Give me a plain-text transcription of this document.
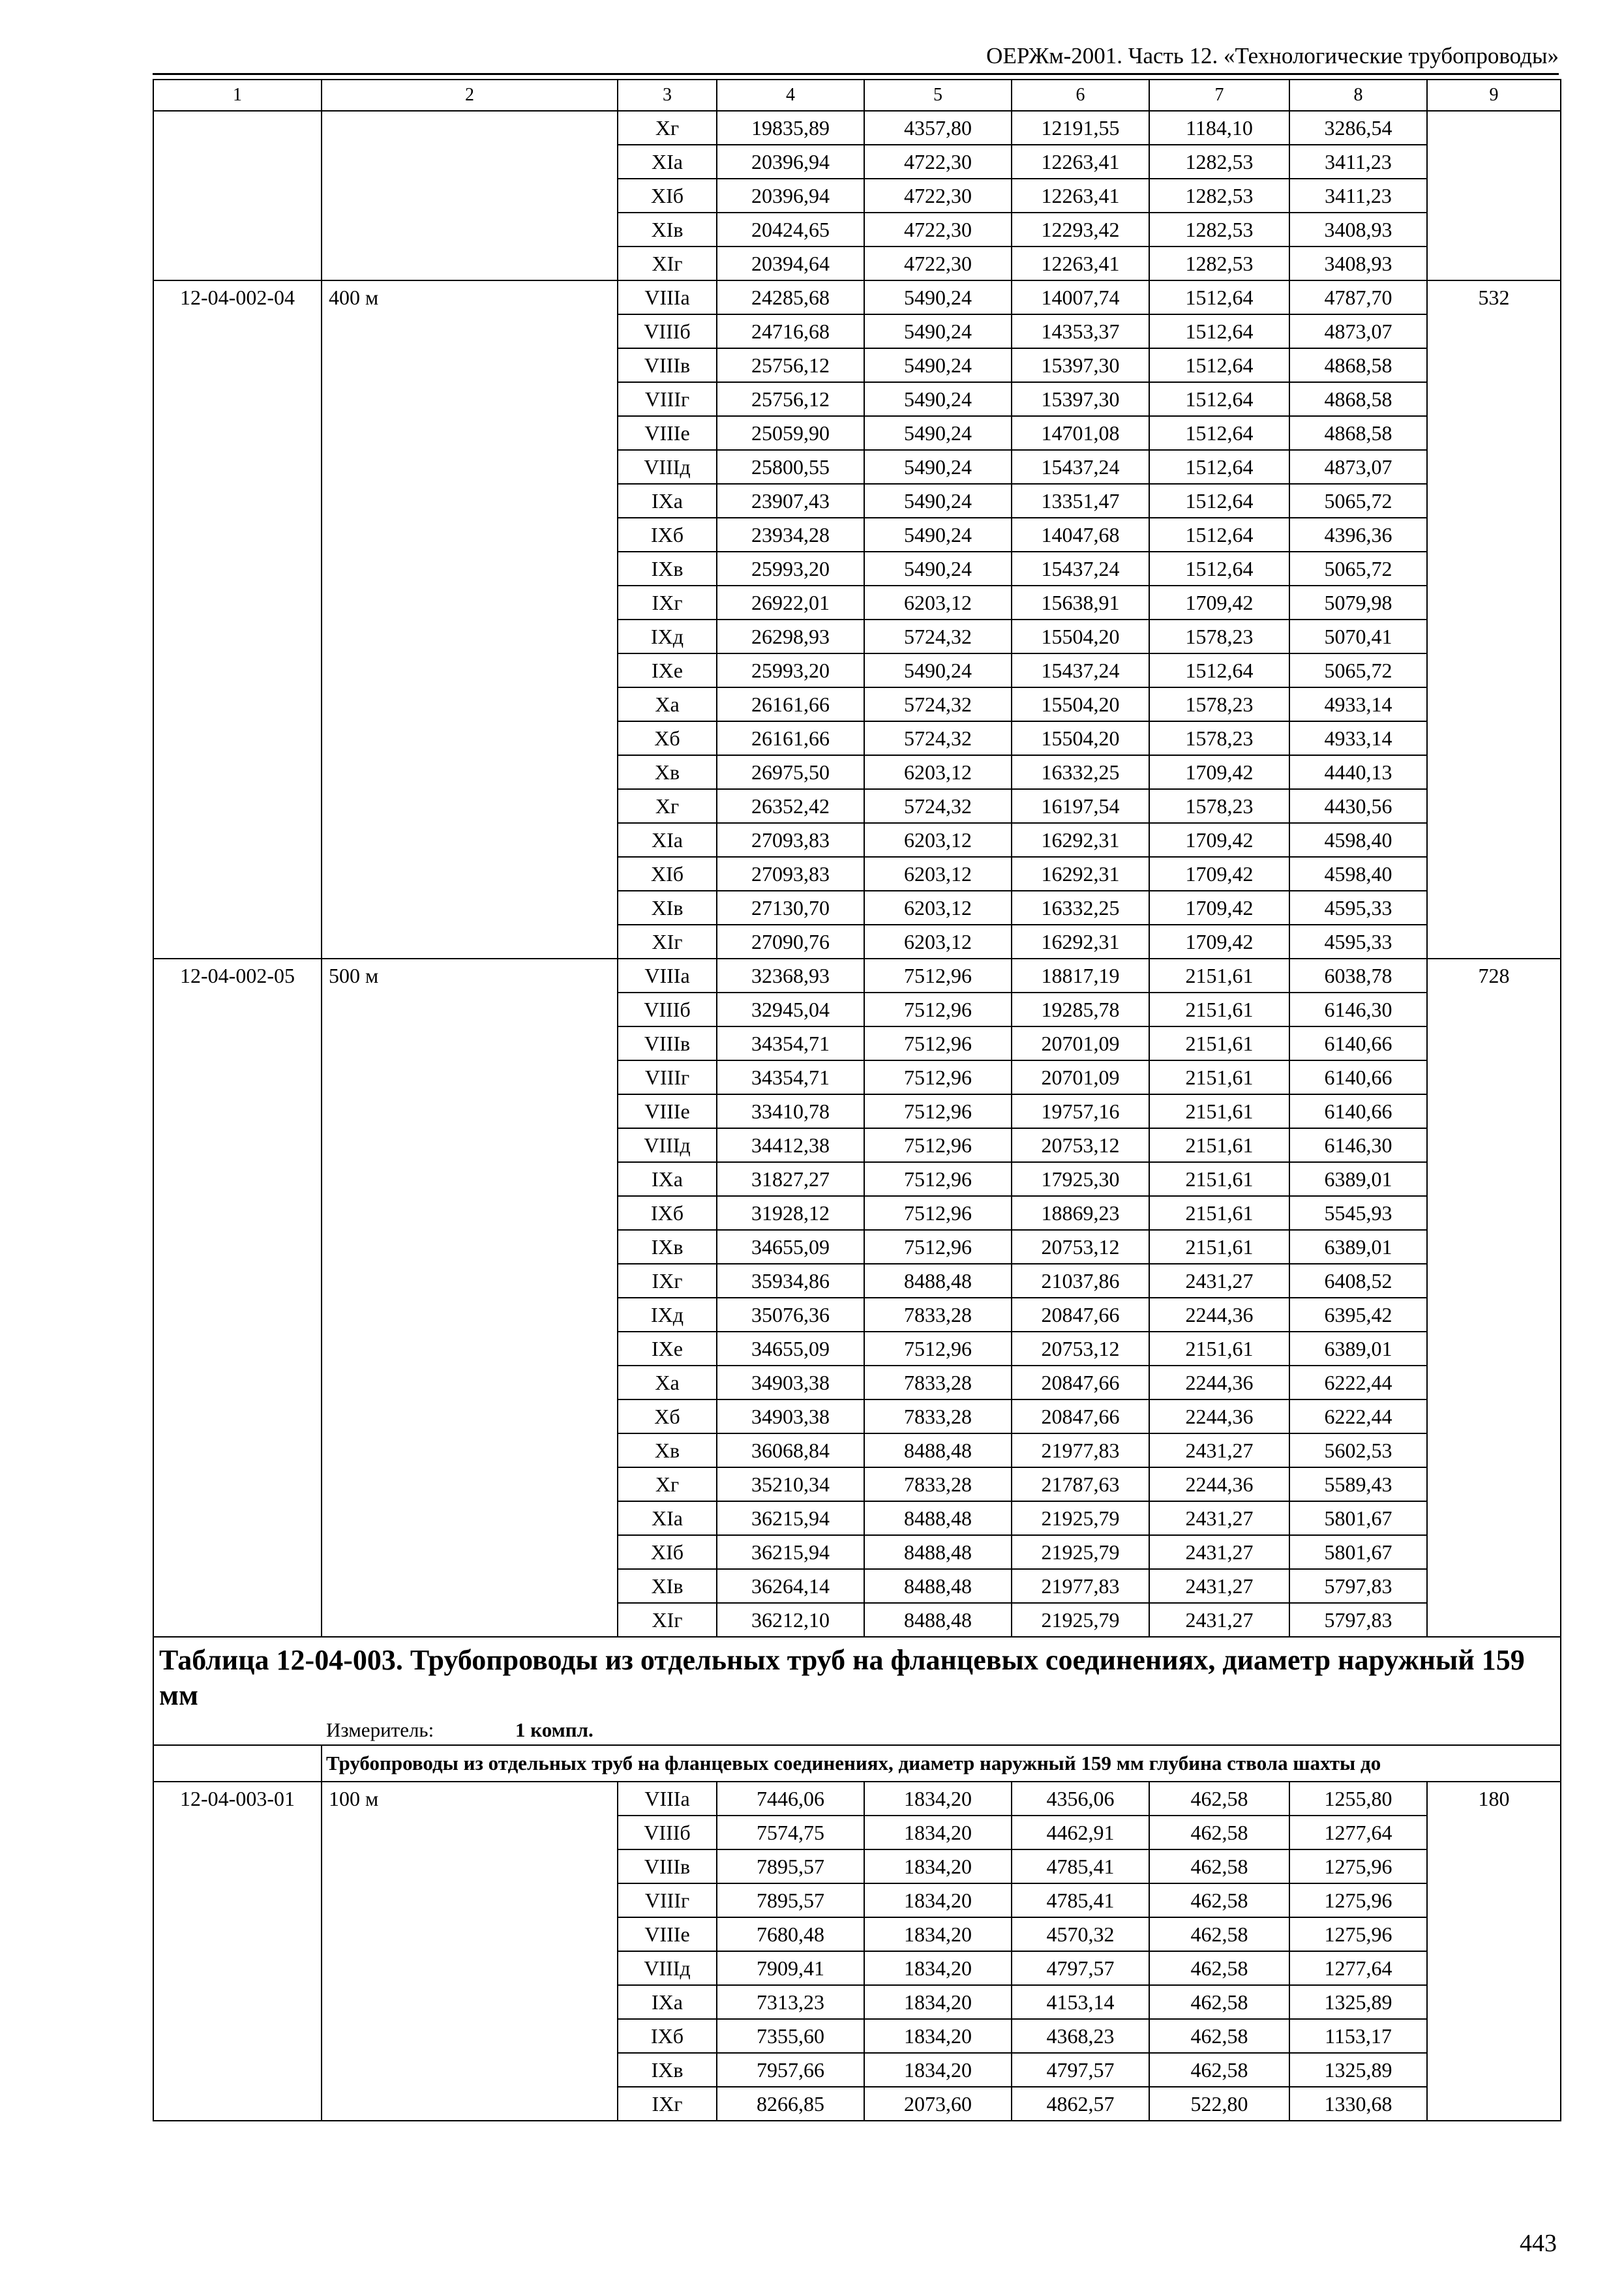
ОЕРЖм-2001. Часть 12. «Технологические трубопроводы»
1	2	3	4	5	6	7	8	9
		Xг	19835,89	4357,80	12191,55	1184,10	3286,54	
		XIa	20396,94	4722,30	12263,41	1282,53	3411,23	
		XIб	20396,94	4722,30	12263,41	1282,53	3411,23	
		XIв	20424,65	4722,30	12293,42	1282,53	3408,93	
		XIг	20394,64	4722,30	12263,41	1282,53	3408,93	
12-04-002-04	400 м	VIIIa	24285,68	5490,24	14007,74	1512,64	4787,70	532
		VIIIб	24716,68	5490,24	14353,37	1512,64	4873,07	
		VIIIв	25756,12	5490,24	15397,30	1512,64	4868,58	
		VIIIг	25756,12	5490,24	15397,30	1512,64	4868,58	
		VIIIe	25059,90	5490,24	14701,08	1512,64	4868,58	
		VIIIд	25800,55	5490,24	15437,24	1512,64	4873,07	
		IXa	23907,43	5490,24	13351,47	1512,64	5065,72	
		IXб	23934,28	5490,24	14047,68	1512,64	4396,36	
		IXв	25993,20	5490,24	15437,24	1512,64	5065,72	
		IXг	26922,01	6203,12	15638,91	1709,42	5079,98	
		IXд	26298,93	5724,32	15504,20	1578,23	5070,41	
		IXe	25993,20	5490,24	15437,24	1512,64	5065,72	
		Xa	26161,66	5724,32	15504,20	1578,23	4933,14	
		Xб	26161,66	5724,32	15504,20	1578,23	4933,14	
		Xв	26975,50	6203,12	16332,25	1709,42	4440,13	
		Xг	26352,42	5724,32	16197,54	1578,23	4430,56	
		XIa	27093,83	6203,12	16292,31	1709,42	4598,40	
		XIб	27093,83	6203,12	16292,31	1709,42	4598,40	
		XIв	27130,70	6203,12	16332,25	1709,42	4595,33	
		XIг	27090,76	6203,12	16292,31	1709,42	4595,33	
12-04-002-05	500 м	VIIIa	32368,93	7512,96	18817,19	2151,61	6038,78	728
		VIIIб	32945,04	7512,96	19285,78	2151,61	6146,30	
		VIIIв	34354,71	7512,96	20701,09	2151,61	6140,66	
		VIIIг	34354,71	7512,96	20701,09	2151,61	6140,66	
		VIIIe	33410,78	7512,96	19757,16	2151,61	6140,66	
		VIIIд	34412,38	7512,96	20753,12	2151,61	6146,30	
		IXa	31827,27	7512,96	17925,30	2151,61	6389,01	
		IXб	31928,12	7512,96	18869,23	2151,61	5545,93	
		IXв	34655,09	7512,96	20753,12	2151,61	6389,01	
		IXг	35934,86	8488,48	21037,86	2431,27	6408,52	
		IXд	35076,36	7833,28	20847,66	2244,36	6395,42	
		IXe	34655,09	7512,96	20753,12	2151,61	6389,01	
		Xa	34903,38	7833,28	20847,66	2244,36	6222,44	
		Xб	34903,38	7833,28	20847,66	2244,36	6222,44	
		Xв	36068,84	8488,48	21977,83	2431,27	5602,53	
		Xг	35210,34	7833,28	21787,63	2244,36	5589,43	
		XIa	36215,94	8488,48	21925,79	2431,27	5801,67	
		XIб	36215,94	8488,48	21925,79	2431,27	5801,67	
		XIв	36264,14	8488,48	21977,83	2431,27	5797,83	
		XIг	36212,10	8488,48	21925,79	2431,27	5797,83	
Таблица 12-04-003. Трубопроводы из отдельных труб на фланцевых соединениях, диаметр наружный 159 мм								

Измеритель: 1 компл.								

	Трубопроводы из отдельных труб на фланцевых соединениях, диаметр наружный 159 мм глубина ствола шахты до							
12-04-003-01	100 м	VIIIa	7446,06	1834,20	4356,06	462,58	1255,80	180
		VIIIб	7574,75	1834,20	4462,91	462,58	1277,64	
		VIIIв	7895,57	1834,20	4785,41	462,58	1275,96	
		VIIIг	7895,57	1834,20	4785,41	462,58	1275,96	
		VIIIe	7680,48	1834,20	4570,32	462,58	1275,96	
		VIIIд	7909,41	1834,20	4797,57	462,58	1277,64	
		IXa	7313,23	1834,20	4153,14	462,58	1325,89	
		IXб	7355,60	1834,20	4368,23	462,58	1153,17	
		IXв	7957,66	1834,20	4797,57	462,58	1325,89	
		IXг	8266,85	2073,60	4862,57	522,80	1330,68	
443
